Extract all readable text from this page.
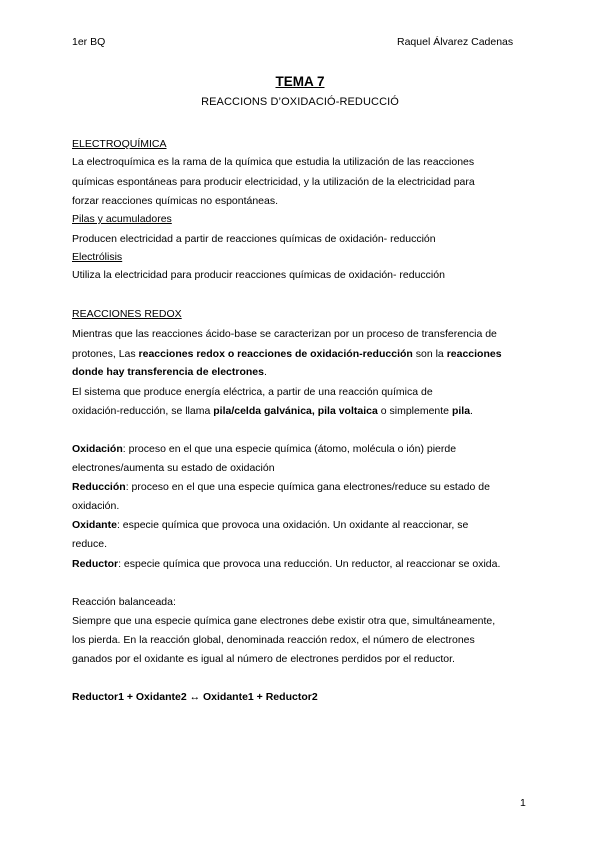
1er BQ	Raquel Álvarez Cadenas
TEMA 7
REACCIONS D’OXIDACIÓ-REDUCCIÓ
ELECTROQUÍMICA
La electroquímica es la rama de la química que estudia la utilización de las reacciones
químicas espontáneas para producir electricidad, y la utilización de la electricidad para
forzar reacciones químicas no espontáneas.
Pilas y acumuladores
Producen electricidad a partir de reacciones químicas de oxidación- reducción
Electrólisis
Utiliza la electricidad para producir reacciones químicas de oxidación- reducción
REACCIONES REDOX
Mientras que las reacciones ácido-base se caracterizan por un proceso de transferencia de
protones, Las reacciones redox o reacciones de oxidación-reducción son la reacciones
donde hay transferencia de electrones.
El sistema que produce energía eléctrica, a partir de una reacción química de
oxidación-reducción, se llama pila/celda galvánica, pila voltaica o simplemente pila.
Oxidación: proceso en el que una especie química (átomo, molécula o ión) pierde
electrones/aumenta su estado de oxidación
Reducción: proceso en el que una especie química gana electrones/reduce su estado de
oxidación.
Oxidante: especie química que provoca una oxidación. Un oxidante al reaccionar, se
reduce.
Reductor: especie química que provoca una reducción. Un reductor, al reaccionar se oxida.
Reacción balanceada:
Siempre que una especie química gane electrones debe existir otra que, simultáneamente,
los pierda. En la reacción global, denominada reacción redox, el número de electrones
ganados por el oxidante es igual al número de electrones perdidos por el reductor.
Reductor1 + Oxidante2 ↔ Oxidante1 + Reductor2
1
